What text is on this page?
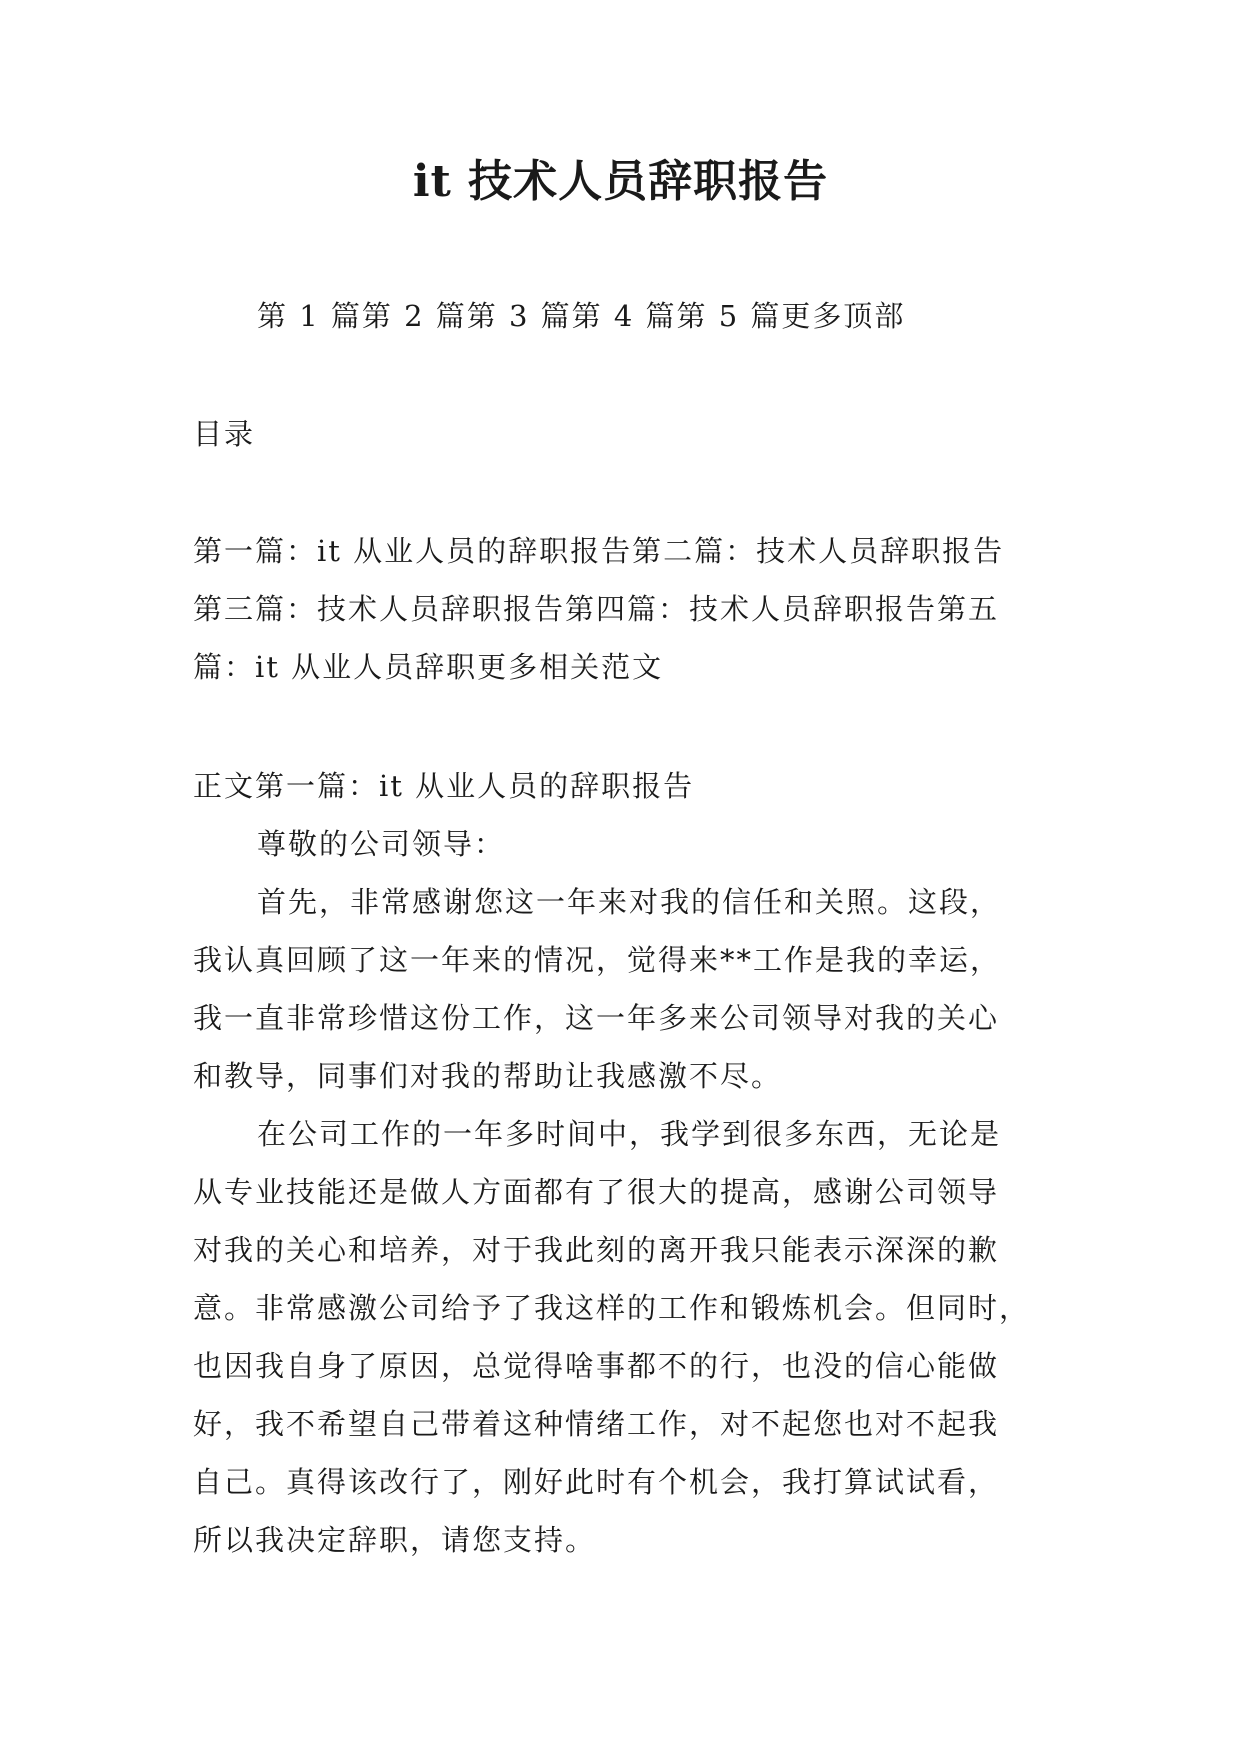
it 技术人员辞职报告
第 1 篇第 2 篇第 3 篇第 4 篇第 5 篇更多顶部
目录
第一篇：it 从业人员的辞职报告第二篇：技术人员辞职报告
第三篇：技术人员辞职报告第四篇：技术人员辞职报告第五
篇：it 从业人员辞职更多相关范文
正文第一篇：it 从业人员的辞职报告
尊敬的公司领导：
首先，非常感谢您这一年来对我的信任和关照。这段，
我认真回顾了这一年来的情况，觉得来**工作是我的幸运，
我一直非常珍惜这份工作，这一年多来公司领导对我的关心
和教导，同事们对我的帮助让我感激不尽。
在公司工作的一年多时间中，我学到很多东西，无论是
从专业技能还是做人方面都有了很大的提高，感谢公司领导
对我的关心和培养，对于我此刻的离开我只能表示深深的歉
意。非常感激公司给予了我这样的工作和锻炼机会。但同时，
也因我自身了原因，总觉得啥事都不的行，也没的信心能做
好，我不希望自己带着这种情绪工作，对不起您也对不起我
自己。真得该改行了，刚好此时有个机会，我打算试试看，
所以我决定辞职，请您支持。
